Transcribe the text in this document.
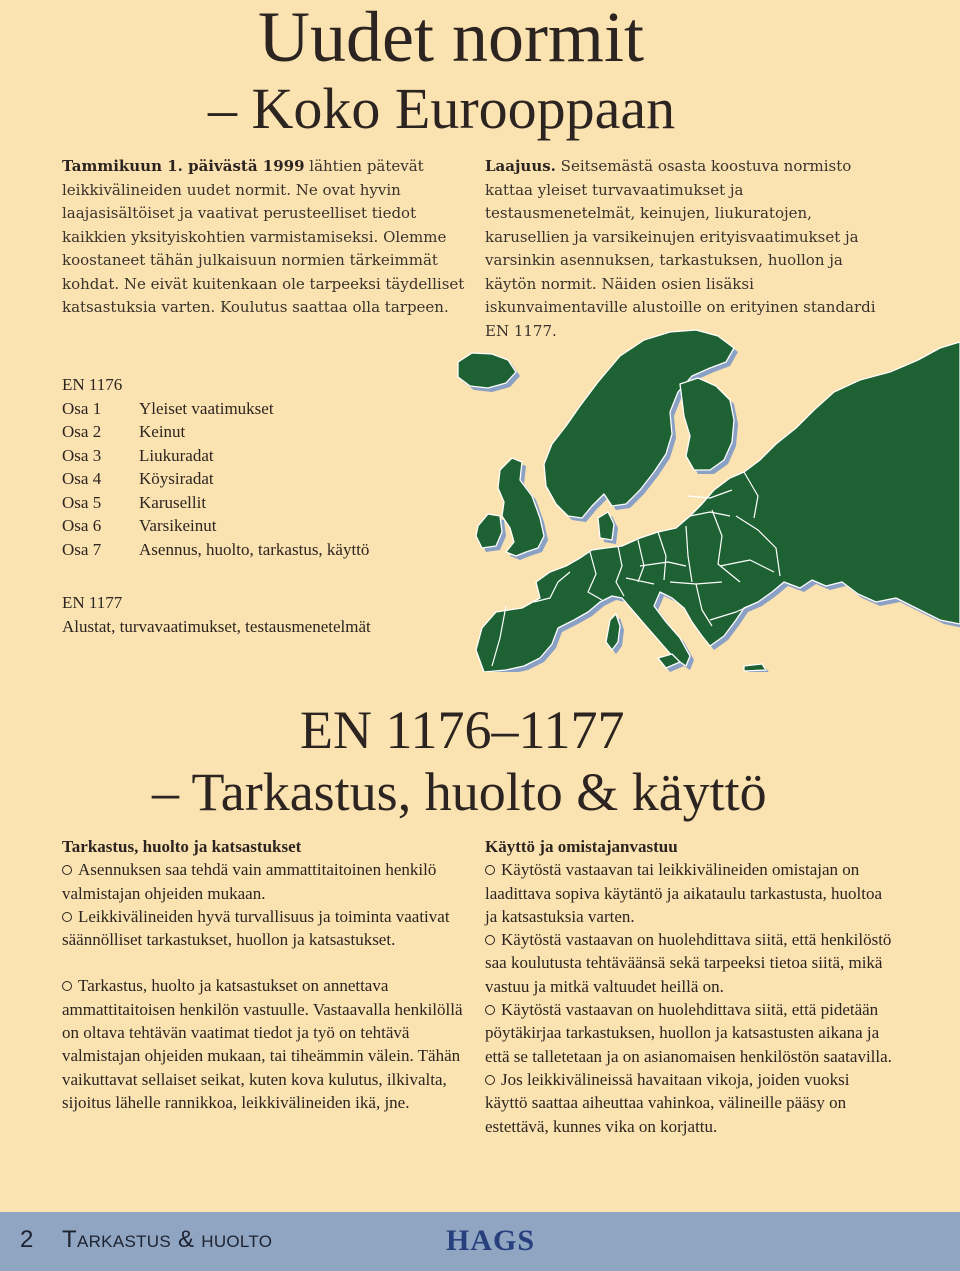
Uudet normit
– Koko Eurooppaan
Tammikuun 1. päivästä 1999 lähtien pätevät leikkivälineiden uudet normit. Ne ovat hyvin laajasisältöiset ja vaativat perusteelliset tiedot kaikkien yksityiskohtien varmistamiseksi. Olemme koostaneet tähän julkaisuun normien tärkeimmät kohdat. Ne eivät kuitenkaan ole tarpeeksi täydelliset katsastuksia varten. Koulutus saattaa olla tarpeen.
Laajuus. Seitsemästä osasta koostuva normisto kattaa yleiset turvavaatimukset ja testausmenetelmät, keinujen, liukuratojen, karusellien ja varsikeinujen erityisvaatimukset ja varsinkin asennuksen, tarkastuksen, huollon ja käytön normit. Näiden osien lisäksi iskunvaimentaville alustoille on erityinen standardi EN 1177.
EN 1176
Osa 1	Yleiset vaatimukset
Osa 2	Keinut
Osa 3	Liukuradat
Osa 4	Köysiradat
Osa 5	Karusellit
Osa 6	Varsikeinut
Osa 7	Asennus, huolto, tarkastus, käyttö
EN 1177
Alustat, turvavaatimukset, testausmenetelmät
EN 1176–1177
– Tarkastus, huolto & käyttö
Tarkastus, huolto ja katsastukset

Asennuksen saa tehdä vain ammattitaitoinen henkilö valmistajan ohjeiden mukaan.

Leikkivälineiden hyvä turvallisuus ja toiminta vaativat säännölliset tarkastukset, huollon ja katsastukset.

Tarkastus, huolto ja katsastukset on annettava ammattitaitoisen henkilön vastuulle. Vastaavalla henkilöllä on oltava tehtävän vaatimat tiedot ja työ on tehtävä valmistajan ohjeiden mukaan, tai tiheämmin välein. Tähän vaikuttavat sellaiset seikat, kuten kova kulutus, ilkivalta, sijoitus lähelle rannikkoa, leikkivälineiden ikä, jne.

Käyttö ja omistajanvastuu

Käytöstä vastaavan tai leikkivälineiden omistajan on laadittava sopiva käytäntö ja aikataulu tarkastusta, huoltoa ja katsastuksia varten.

Käytöstä vastaavan on huolehdittava siitä, että henkilöstö saa koulutusta tehtäväänsä sekä tarpeeksi tietoa siitä, mikä vastuu ja mitkä valtuudet heillä on.

Käytöstä vastaavan on huolehdittava siitä, että pidetään pöytäkirjaa tarkastuksen, huollon ja katsastusten aikana ja että se talletetaan ja on asianomaisen henkilöstön saatavilla.

Jos leikkivälineissä havaitaan vikoja, joiden vuoksi käyttö saattaa aiheuttaa vahinkoa, välineille pääsy on estettävä, kunnes vika on korjattu.

2 Tarkastus & huolto	HAGS
